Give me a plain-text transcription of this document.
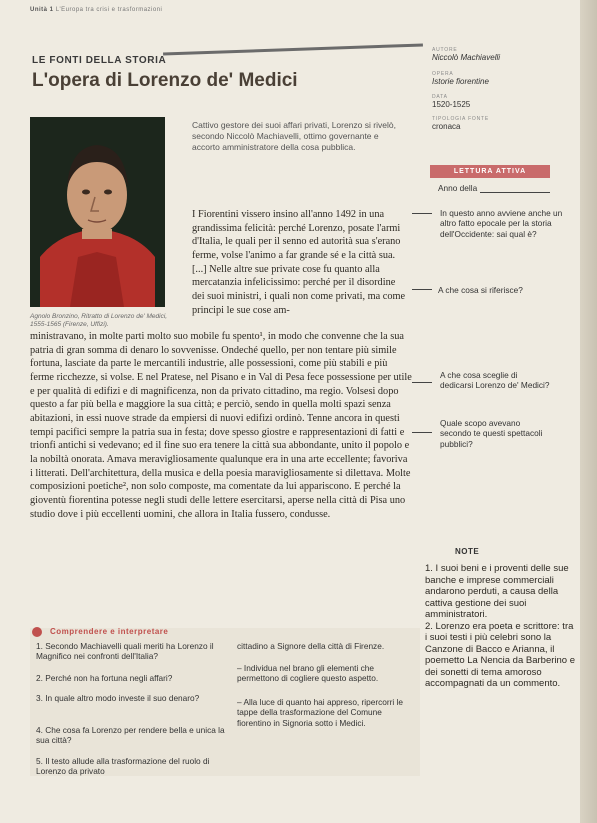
Unità 1 L'Europa tra crisi e trasformazioni
LE FONTI DELLA STORIA
L'opera di Lorenzo de' Medici
AUTORE
Niccolò Machiavelli
OPERA
Istorie fiorentine
DATA
1520-1525
TIPOLOGIA FONTE
cronaca
Agnolo Bronzino, Ritratto di Lorenzo de' Medici, 1555-1565 (Firenze, Uffizi).
Cattivo gestore dei suoi affari privati, Lorenzo si rivelò, secondo Niccolò Machiavelli, ottimo governante e accorto amministratore della cosa pubblica.
I Fiorentini vissero insino all'anno 1492 in una grandissima felicità: perché Lorenzo, posate l'armi d'Italia, le quali per il senno ed autorità sua s'erano ferme, volse l'animo a far grande sé e la città sua. [...] Nelle altre sue private cose fu quanto alla mercatanzia infelicissimo: perché per il disordine dei suoi ministri, i quali non come privati, ma come principi le sue cose am-
ministravano, in molte parti molto suo mobile fu spento¹, in modo che convenne che la sua patria di gran somma di denaro lo sovvenisse. Ondeché quello, per non tentare più simile fortuna, lasciate da parte le mercantili industrie, alle possessioni, come più stabili e più ferme ricchezze, si volse. E nel Pratese, nel Pisano e in Val di Pesa fece possessione per utile e per qualità di edifizi e di magnificenza, non da privato cittadino, ma regio. Volsesi dopo questo a far più bella e maggiore la sua città; e perciò, sendo in quella molti spazi senza abitazioni, in essi nuove strade da empiersi di nuovi edifizi ordinò. Tenne ancora in questi tempi pacifici sempre la patria sua in festa; dove spesso giostre e rappresentazioni di fatti e trionfi antichi si vedevano; ed il fine suo era tenere la città sua abbondante, unito il popolo e la nobiltà onorata. Amava meravigliosamente qualunque era in una arte eccellente; favoriva i litterati. Dell'architettura, della musica e della poesia maravigliosamente si dilettava. Molte composizioni poetiche², non solo composte, ma comentate da lui apparisconо. E perché la gioventù fiorentina potesse negli studi delle lettere esercitarsi, aperse nella città di Pisa uno studio dove i più eccellenti uomini, che allora in Italia fussero, condusse.
LETTURA ATTIVA
Anno della
In questo anno avviene anche un altro fatto epocale per la storia dell'Occidente: sai qual è?
A che cosa si riferisce?
A che cosa sceglie di dedicarsi Lorenzo de' Medici?
Quale scopo avevano secondo te questi spettacoli pubblici?
NOTE
1. I suoi beni e i proventi delle sue banche e imprese commerciali andarono perduti, a causa della cattiva gestione dei suoi amministratori.
2. Lorenzo era poeta e scrittore: tra i suoi testi i più celebri sono la Canzone di Bacco e Arianna, il poemetto La Nencia da Barberino e dei sonetti di tema amoroso accompagnati da un commento.
Comprendere e interpretare
1. Secondo Machiavelli quali meriti ha Lorenzo il Magnifico nei confronti dell'Italia?
2. Perché non ha fortuna negli affari?
3. In quale altro modo investe il suo denaro?
4. Che cosa fa Lorenzo per rendere bella e unica la sua città?
5. Il testo allude alla trasformazione del ruolo di Lorenzo da privato
cittadino a Signore della città di Firenze.
– Individua nel brano gli elementi che permettono di cogliere questo aspetto.
– Alla luce di quanto hai appreso, ripercorri le tappe della trasformazione del Comune fiorentino in Signoria sotto i Medici.
